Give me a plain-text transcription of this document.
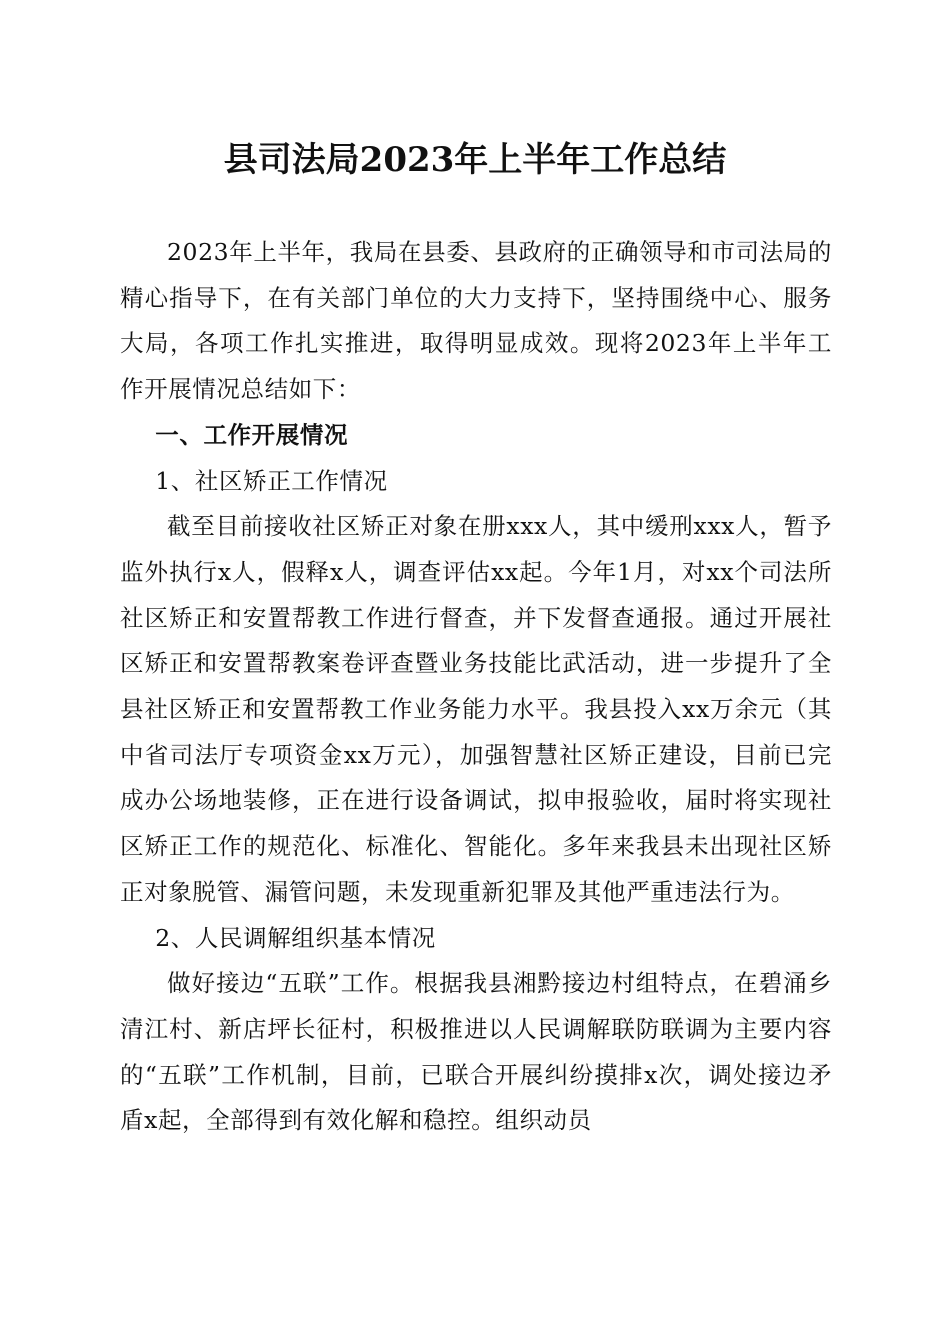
县司法局2023年上半年工作总结

2023年上半年，我局在县委、县政府的正确领导和市司法局的精心指导下，在有关部门单位的大力支持下，坚持围绕中心、服务大局，各项工作扎实推进，取得明显成效。现将2023年上半年工作开展情况总结如下：

一、工作开展情况

1、社区矫正工作情况

截至目前接收社区矫正对象在册xxx人，其中缓刑xxx人，暂予监外执行x人，假释x人，调查评估xx起。今年1月，对xx个司法所社区矫正和安置帮教工作进行督查，并下发督查通报。通过开展社区矫正和安置帮教案卷评查暨业务技能比武活动，进一步提升了全县社区矫正和安置帮教工作业务能力水平。我县投入xx万余元（其中省司法厅专项资金xx万元），加强智慧社区矫正建设，目前已完成办公场地装修，正在进行设备调试，拟申报验收，届时将实现社区矫正工作的规范化、标准化、智能化。多年来我县未出现社区矫正对象脱管、漏管问题，未发现重新犯罪及其他严重违法行为。

2、人民调解组织基本情况

做好接边“五联”工作。根据我县湘黔接边村组特点，在碧涌乡清江村、新店坪长征村，积极推进以人民调解联防联调为主要内容的“五联”工作机制，目前，已联合开展纠纷摸排x次，调处接边矛盾x起，全部得到有效化解和稳控。组织动员
